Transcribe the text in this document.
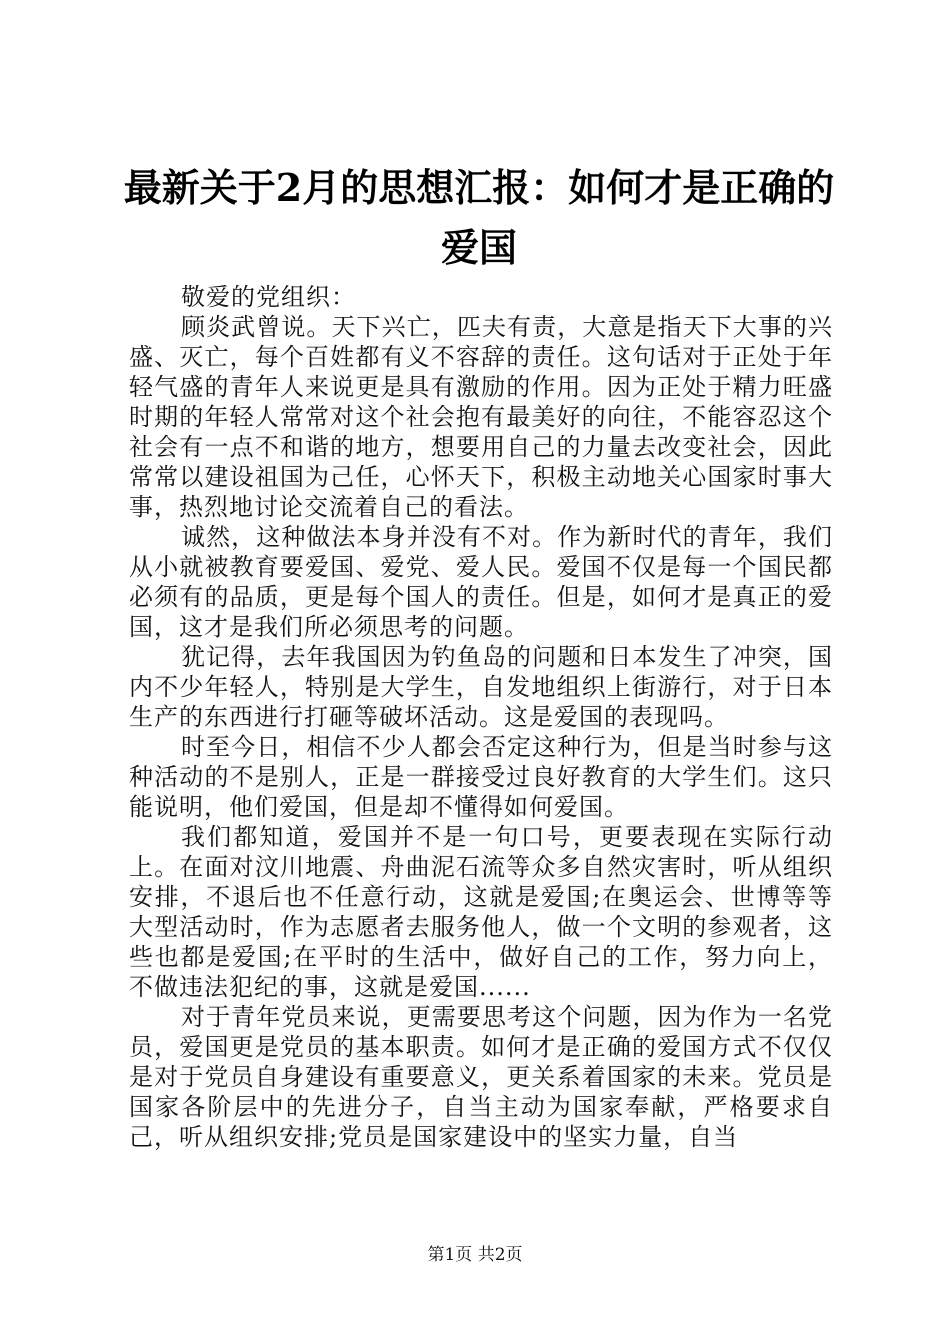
最新关于2月的思想汇报：如何才是正确的爱国

敬爱的党组织：

顾炎武曾说。天下兴亡，匹夫有责，大意是指天下大事的兴盛、灭亡，每个百姓都有义不容辞的责任。这句话对于正处于年轻气盛的青年人来说更是具有激励的作用。因为正处于精力旺盛时期的年轻人常常对这个社会抱有最美好的向往，不能容忍这个社会有一点不和谐的地方，想要用自己的力量去改变社会，因此常常以建设祖国为己任，心怀天下，积极主动地关心国家时事大事，热烈地讨论交流着自己的看法。

诚然，这种做法本身并没有不对。作为新时代的青年，我们从小就被教育要爱国、爱党、爱人民。爱国不仅是每一个国民都必须有的品质，更是每个国人的责任。但是，如何才是真正的爱国，这才是我们所必须思考的问题。

犹记得，去年我国因为钓鱼岛的问题和日本发生了冲突，国内不少年轻人，特别是大学生，自发地组织上街游行，对于日本生产的东西进行打砸等破坏活动。这是爱国的表现吗。

时至今日，相信不少人都会否定这种行为，但是当时参与这种活动的不是别人，正是一群接受过良好教育的大学生们。这只能说明，他们爱国，但是却不懂得如何爱国。

我们都知道，爱国并不是一句口号，更要表现在实际行动上。在面对汶川地震、舟曲泥石流等众多自然灾害时，听从组织安排，不退后也不任意行动，这就是爱国;在奥运会、世博等等大型活动时，作为志愿者去服务他人，做一个文明的参观者，这些也都是爱国;在平时的生活中，做好自己的工作，努力向上，不做违法犯纪的事，这就是爱国......

对于青年党员来说，更需要思考这个问题，因为作为一名党员，爱国更是党员的基本职责。如何才是正确的爱国方式不仅仅是对于党员自身建设有重要意义，更关系着国家的未来。党员是国家各阶层中的先进分子，自当主动为国家奉献，严格要求自己，听从组织安排;党员是国家建设中的坚实力量，自当

第1页 共2页
